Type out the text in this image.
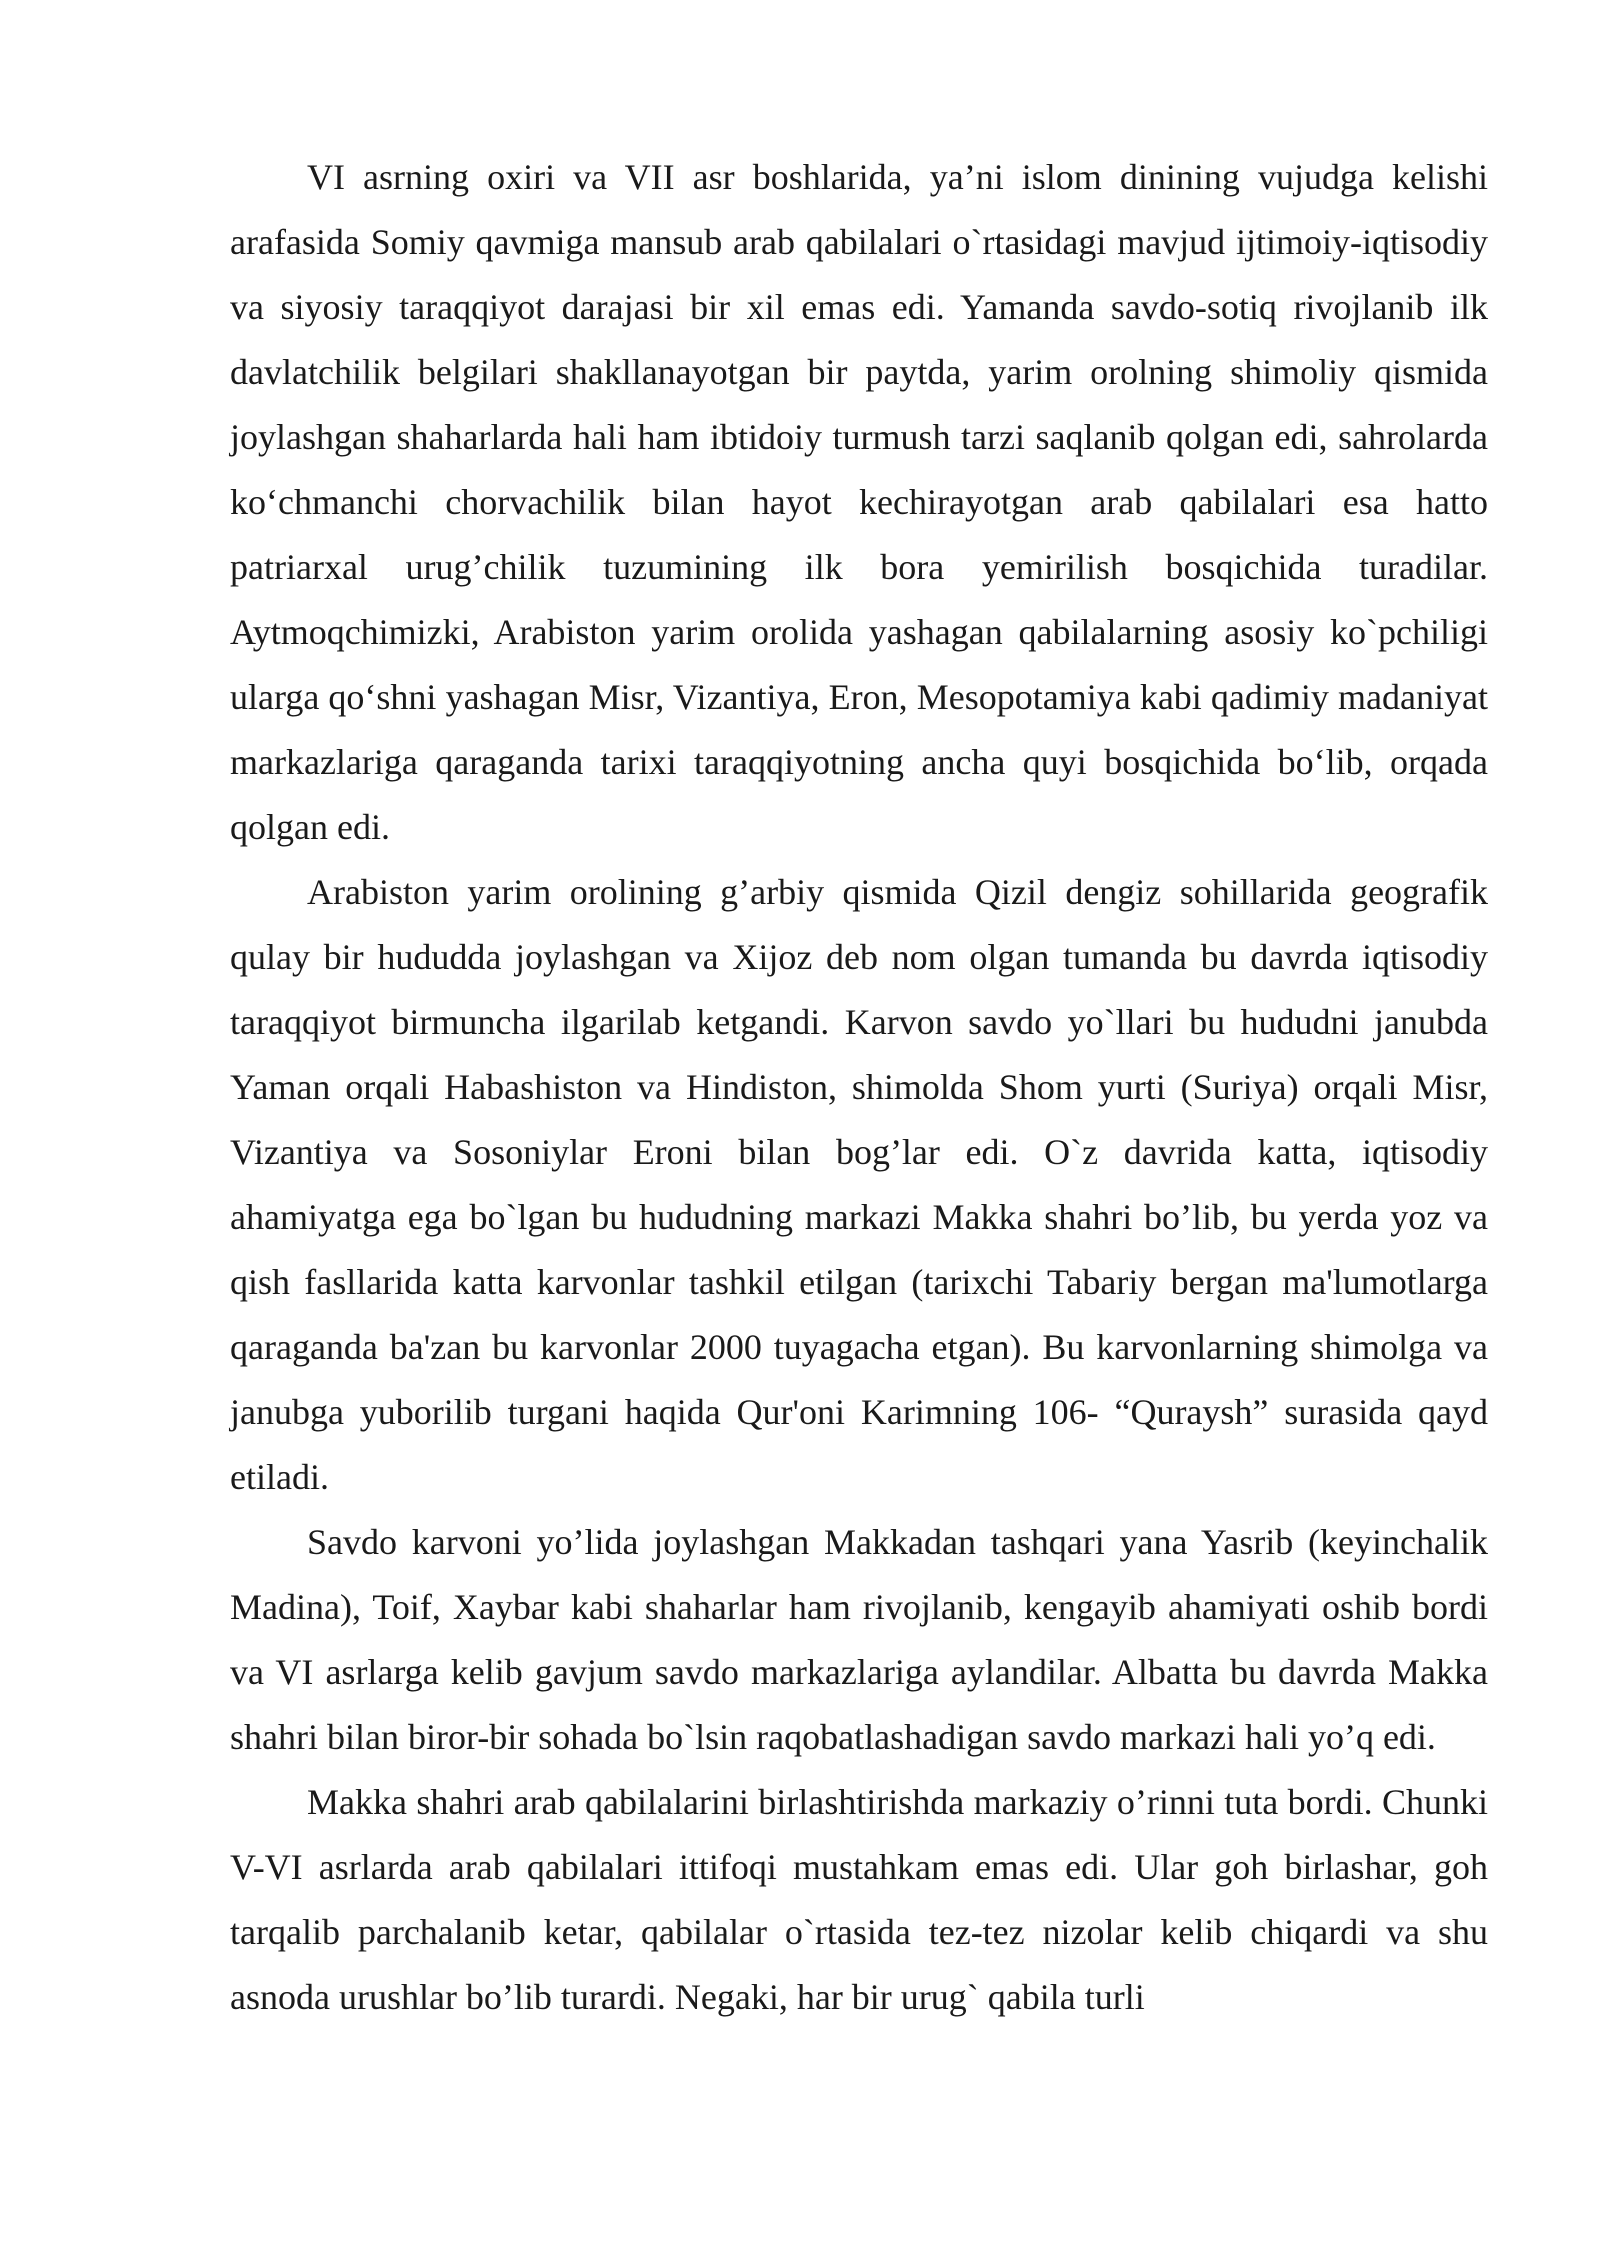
VI asrning oxiri va VII asr boshlarida, ya’ni islom dinining vujudga kelishi arafasida Somiy qavmiga mansub arab qabilalari o`rtasidagi mavjud ijtimoiy-iqtisodiy va siyosiy taraqqiyot darajasi bir xil emas edi. Yamanda savdo-sotiq rivojlanib ilk davlatchilik belgilari shakllanayotgan bir paytda, yarim orolning shimoliy qismida joylashgan shaharlarda hali ham ibtidoiy turmush tarzi saqlanib qolgan edi, sahrolarda ko‘chmanchi chorvachilik bilan hayot kechirayotgan arab qabilalari esa hatto patriarxal urug’chilik tuzumining ilk bora yemirilish bosqichida turadilar. Aytmoqchimizki, Arabiston yarim orolida yashagan qabilalarning asosiy ko`pchiligi ularga qo‘shni yashagan Misr, Vizantiya, Eron, Mesopotamiya kabi qadimiy madaniyat markazlariga qaraganda tarixi taraqqiyotning ancha quyi bosqichida bo‘lib, orqada qolgan edi.

Arabiston yarim orolining g’arbiy qismida Qizil dengiz sohillarida geografik qulay bir hududda joylashgan va Xijoz deb nom olgan tumanda bu davrda iqtisodiy taraqqiyot birmuncha ilgarilab ketgandi. Karvon savdo yo`llari bu hududni janubda Yaman orqali Habashiston va Hindiston, shimolda Shom yurti (Suriya) orqali Misr, Vizantiya va Sosoniylar Eroni bilan bog’lar edi. O`z davrida katta, iqtisodiy ahamiyatga ega bo`lgan bu hududning markazi Makka shahri bo’lib, bu yerda yoz va qish fasllarida katta karvonlar tashkil etilgan (tarixchi Tabariy bergan ma'lumotlarga qaraganda ba'zan bu karvonlar 2000 tuyagacha etgan). Bu karvonlarning shimolga va janubga yuborilib turgani haqida Qur'oni Karimning 106- “Quraysh” surasida qayd etiladi.

Savdo karvoni yo’lida joylashgan Makkadan tashqari yana Yasrib (keyinchalik Madina), Toif, Xaybar kabi shaharlar ham rivojlanib, kengayib ahamiyati oshib bordi va VI asrlarga kelib gavjum savdo markazlariga aylandilar. Albatta bu davrda Makka shahri bilan biror-bir sohada bo`lsin raqobatlashadigan savdo markazi hali yo’q edi.

Makka shahri arab qabilalarini birlashtirishda markaziy o’rinni tuta bordi. Chunki V-VI asrlarda arab qabilalari ittifoqi mustahkam emas edi. Ular goh birlashar, goh tarqalib parchalanib ketar, qabilalar o`rtasida tez-tez nizolar kelib chiqardi va shu asnoda urushlar bo’lib turardi. Negaki, har bir urug` qabila turli
